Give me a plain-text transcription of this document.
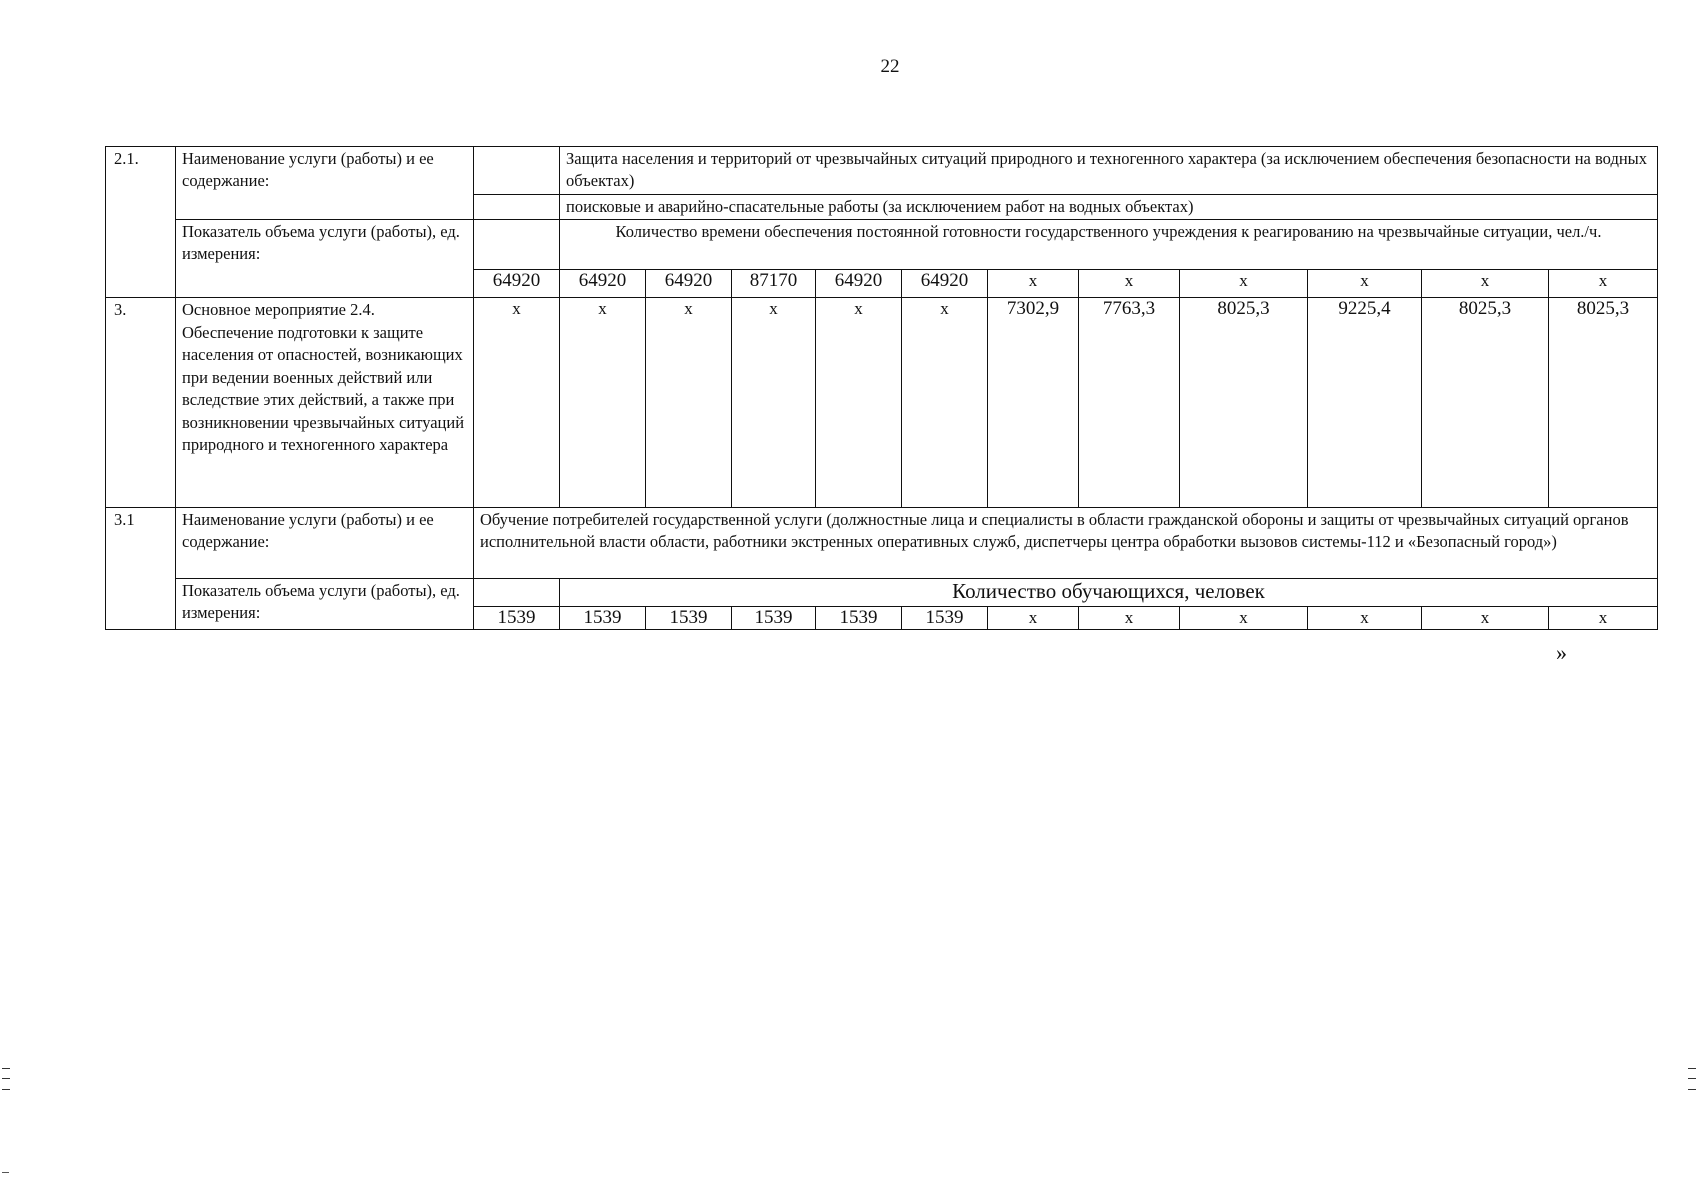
22
2.1.	Наименование услуги (работы) и ее содержание:		Защита населения и территорий от чрезвычайных ситуаций природного и техногенного характера (за исключением обеспечения безопасности на водных объектах)										
			поисковые и аварийно-спасательные работы (за исключением работ на водных объектах)										
	Показатель объема услуги (работы), ед. измерения:		Количество времени обеспечения постоянной готовности государственного учреждения к реагированию на чрезвычайные ситуации, чел./ч.										
		64920	64920	64920	87170	64920	64920	x	x	x	x	x	x
3.	Основное мероприятие 2.4. Обеспечение подготовки к защите населения от опасностей, возникающих при ведении военных действий или вследствие этих действий, а также при возникновении чрезвычайных ситуаций природного и техногенного характера	x	x	x	x	x	x	7302,9	7763,3	8025,3	9225,4	8025,3	8025,3
3.1	Наименование услуги (работы) и ее содержание:	Обучение потребителей государственной услуги (должностные лица и специалисты в области гражданской обороны и защиты от чрезвычайных ситуаций органов исполнительной власти области, работники экстренных оперативных служб, диспетчеры центра обработки вызовов системы-112 и «Безопасный город»)											
	Показатель объема услуги (работы), ед. измерения:		Количество обучающихся, человек										
		1539	1539	1539	1539	1539	1539	x	x	x	x	x	x
»
